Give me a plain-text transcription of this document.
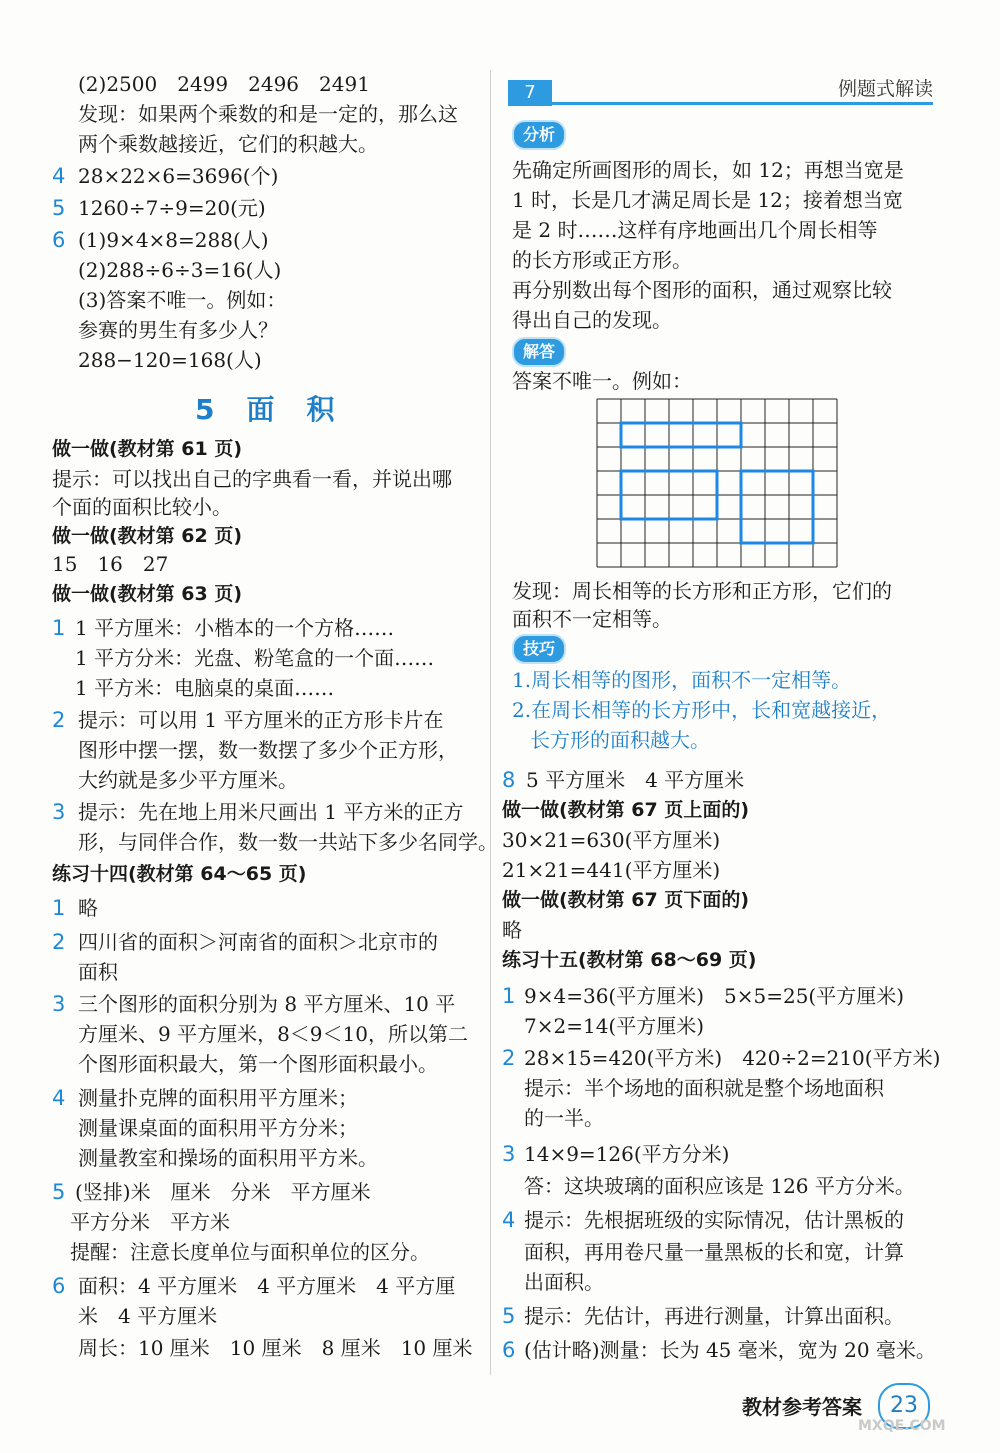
(2)2500　2499　2496　2491
发现：如果两个乘数的和是一定的，那么这
两个乘数越接近，它们的积越大。
4 28×22×6=3696(个)
5 1260÷7÷9=20(元)
6 (1)9×4×8=288(人)
(2)288÷6÷3=16(人)
(3)答案不唯一。例如：
参赛的男生有多少人？
288−120=168(人)
5　面　积
做一做(教材第 61 页)
提示：可以找出自己的字典看一看，并说出哪
个面的面积比较小。
做一做(教材第 62 页)
15　16　27
做一做(教材第 63 页)
1 1 平方厘米：小楷本的一个方格……
1 平方分米：光盘、粉笔盒的一个面……
1 平方米：电脑桌的桌面……
2 提示：可以用 1 平方厘米的正方形卡片在
图形中摆一摆，数一数摆了多少个正方形，
大约就是多少平方厘米。
3 提示：先在地上用米尺画出 1 平方米的正方
形，与同伴合作，数一数一共站下多少名同学。
练习十四(教材第 64～65 页)
1 略
2 四川省的面积＞河南省的面积＞北京市的
面积
3 三个图形的面积分别为 8 平方厘米、10 平
方厘米、9 平方厘米，8＜9＜10，所以第二
个图形面积最大，第一个图形面积最小。
4 测量扑克牌的面积用平方厘米；
测量课桌面的面积用平方分米；
测量教室和操场的面积用平方米。
5 (竖排)米　厘米　分米　平方厘米
平方分米　平方米
提醒：注意长度单位与面积单位的区分。
6 面积：4 平方厘米　4 平方厘米　4 平方厘
米　4 平方厘米
周长：10 厘米　10 厘米　8 厘米　10 厘米
7	例题式解读
分析
先确定所画图形的周长，如 12；再想当宽是
1 时，长是几才满足周长是 12；接着想当宽
是 2 时……这样有序地画出几个周长相等
的长方形或正方形。
再分别数出每个图形的面积，通过观察比较
得出自己的发现。
解答
答案不唯一。例如：
发现：周长相等的长方形和正方形，它们的
面积不一定相等。
技巧
1.周长相等的图形，面积不一定相等。
2.在周长相等的长方形中，长和宽越接近，
长方形的面积越大。
8 5 平方厘米　4 平方厘米
做一做(教材第 67 页上面的)
30×21=630(平方厘米)
21×21=441(平方厘米)
做一做(教材第 67 页下面的)
略
练习十五(教材第 68～69 页)
1 9×4=36(平方厘米)　5×5=25(平方厘米)
7×2=14(平方厘米)
2 28×15=420(平方米)　420÷2=210(平方米)
提示：半个场地的面积就是整个场地面积
的一半。
3 14×9=126(平方分米)
答：这块玻璃的面积应该是 126 平方分米。
4 提示：先根据班级的实际情况，估计黑板的
面积，再用卷尺量一量黑板的长和宽，计算
出面积。
5 提示：先估计，再进行测量，计算出面积。
6 (估计略)测量：长为 45 毫米，宽为 20 毫米。
教材参考答案	23
MXQE.COM
